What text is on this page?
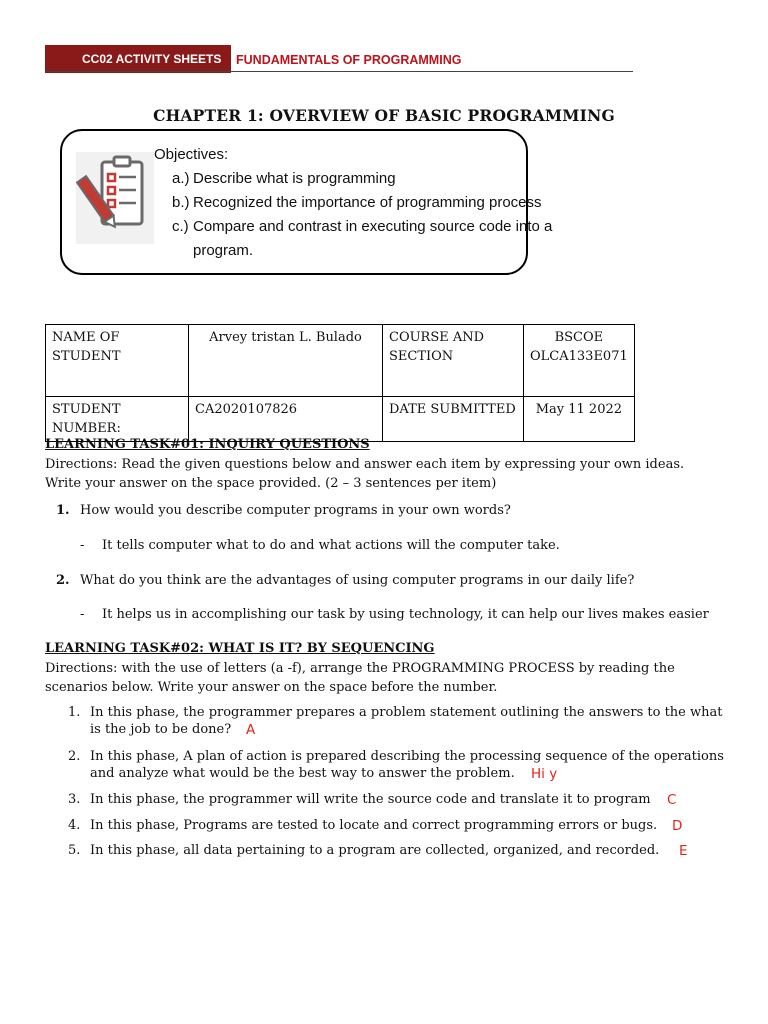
CC02 ACTIVITY SHEETS	FUNDAMENTALS OF PROGRAMMING
CHAPTER 1: OVERVIEW OF BASIC PROGRAMMING
Objectives:
a.) Describe what is programming
b.) Recognized the importance of programming process
c.) Compare and contrast in executing source code into a
program.
NAME OF STUDENT	Arvey tristan L. Bulado	COURSE AND SECTION	BSCOE
OLCA133E071

STUDENT NUMBER:	CA2020107826	DATE SUBMITTED	May 11 2022
LEARNING TASK#01: INQUIRY QUESTIONS
Directions: Read the given questions below and answer each item by expressing your own ideas.
Write your answer on the space provided. (2 – 3 sentences per item)
1. How would you describe computer programs in your own words?
- It tells computer what to do and what actions will the computer take.
2. What do you think are the advantages of using computer programs in our daily life?
- It helps us in accomplishing our task by using technology, it can help our lives makes easier
LEARNING TASK#02: WHAT IS IT? BY SEQUENCING
Directions: with the use of letters (a -f), arrange the PROGRAMMING PROCESS by reading the
scenarios below. Write your answer on the space before the number.
1. In this phase, the programmer prepares a problem statement outlining the answers to the what
is the job to be done? A
2. In this phase, A plan of action is prepared describing the processing sequence of the operations
and analyze what would be the best way to answer the problem. Hi y
3. In this phase, the programmer will write the source code and translate it to program C
4. In this phase, Programs are tested to locate and correct programming errors or bugs. D
5. In this phase, all data pertaining to a program are collected, organized, and recorded. E
